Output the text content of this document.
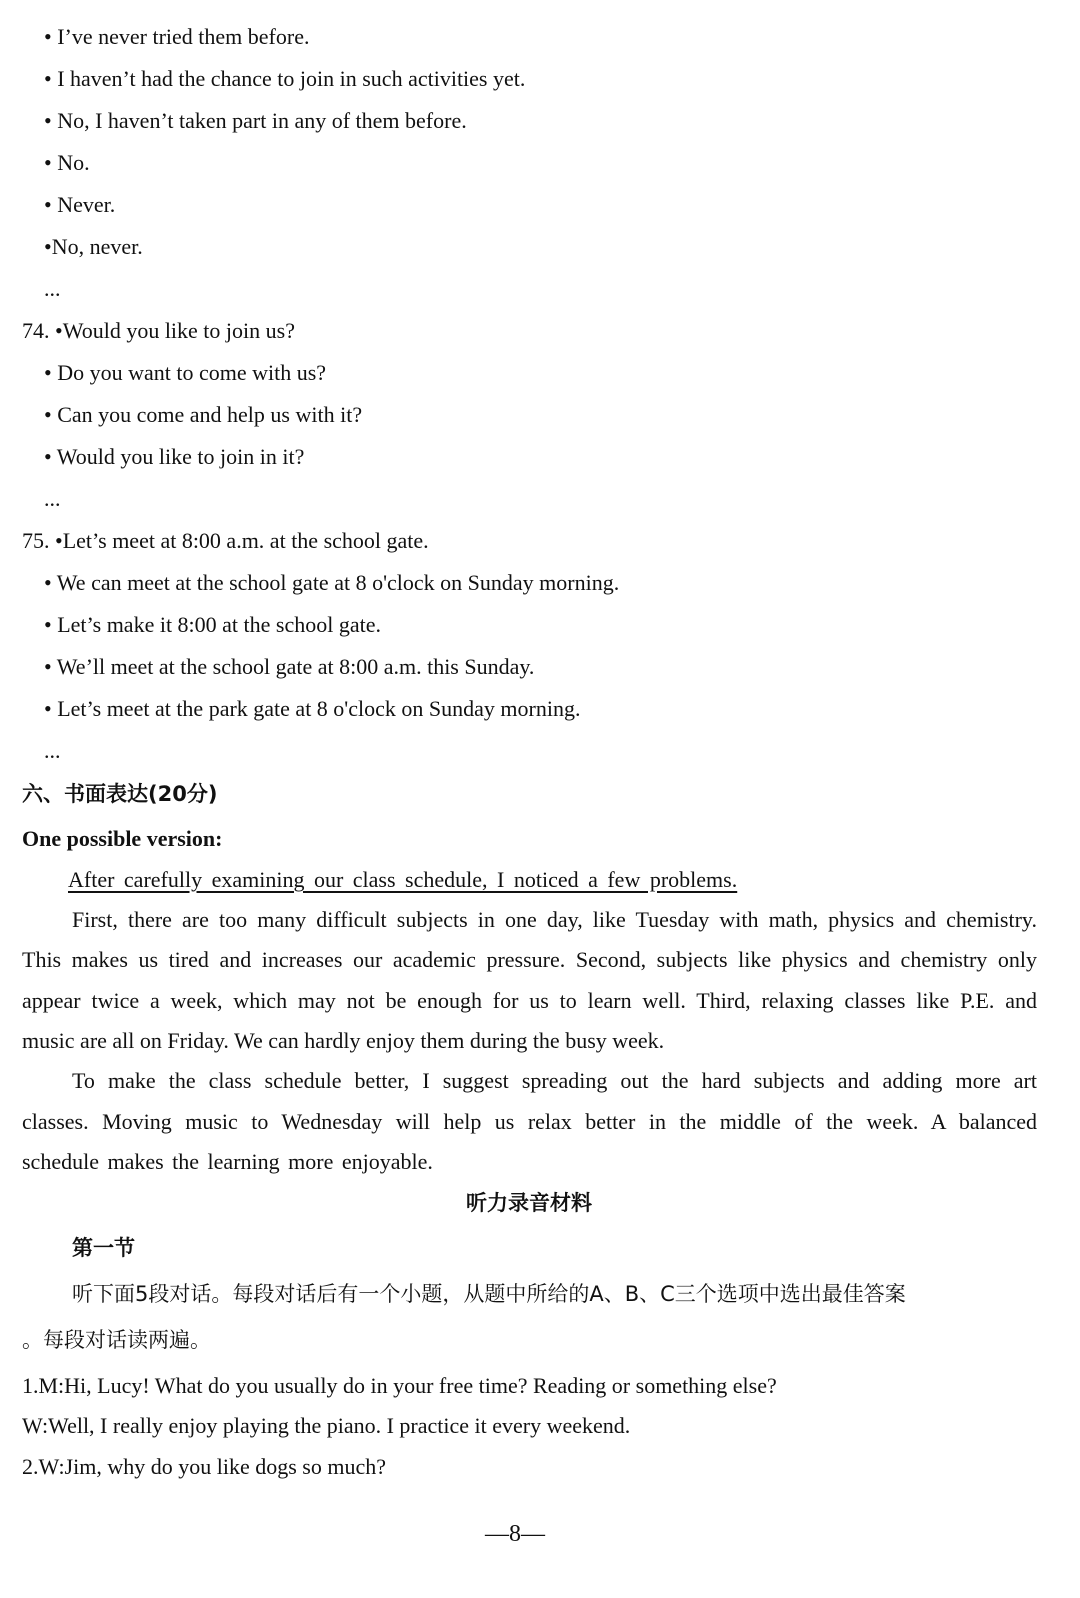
• I’ve never tried them before.
• I haven’t had the chance to join in such activities yet.
• No, I haven’t taken part in any of them before.
• No.
• Never.
•No, never.
...
74. •Would you like to join us?
• Do you want to come with us?
• Can you come and help us with it?
• Would you like to join in it?
...
75. •Let’s meet at 8:00 a.m. at the school gate.
• We can meet at the school gate at 8 o'clock on Sunday morning.
• Let’s make it 8:00 at the school gate.
• We’ll meet at the school gate at 8:00 a.m. this Sunday.
• Let’s meet at the park gate at 8 o'clock on Sunday morning.
...
六、书面表达(20分)
One possible version:
After carefully examining our class schedule, I noticed a few problems.
First, there are too many difficult subjects in one day, like Tuesday with math, physics and chemistry.
This makes us tired and increases our academic pressure. Second, subjects like physics and chemistry only
appear twice a week, which may not be enough for us to learn well. Third, relaxing classes like P.E. and
music are all on Friday. We can hardly enjoy them during the busy week.
To make the class schedule better, I suggest spreading out the hard subjects and adding more art
classes. Moving music to Wednesday will help us relax better in the middle of the week. A balanced
schedule makes the learning more enjoyable.
听力录音材料
第一节
听下面5段对话。每段对话后有一个小题，从题中所给的A、B、C三个选项中选出最佳答案
。每段对话读两遍。
1.M:Hi, Lucy! What do you usually do in your free time? Reading or something else?
W:Well, I really enjoy playing the piano. I practice it every weekend.
2.W:Jim, why do you like dogs so much?
—8—
